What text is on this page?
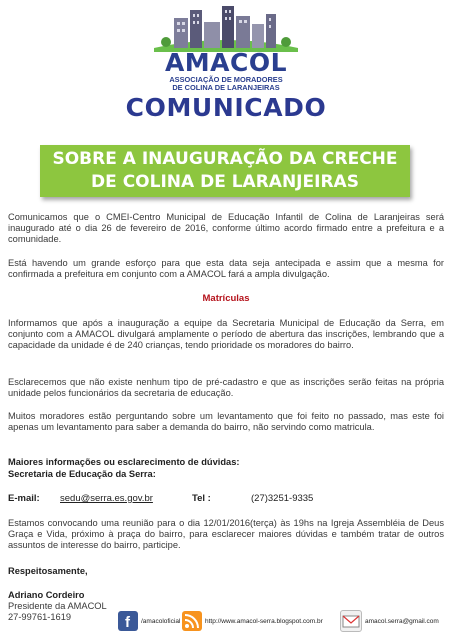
AMACOL
ASSOCIAÇÃO DE MORADORES
DE COLINA DE LARANJEIRAS
COMUNICADO
SOBRE A INAUGURAÇÃO DA CRECHE
DE COLINA DE LARANJEIRAS

Comunicamos que o CMEI-Centro Municipal de Educação Infantil de Colina de Laranjeiras será inaugurado até o dia 26 de fevereiro de 2016, conforme último acordo firmado entre a prefeitura e a comunidade.

Está havendo um grande esforço para que esta data seja antecipada e assim que a mesma for confirmada a prefeitura em conjunto com a AMACOL fará a ampla divulgação.

Matrículas

Informamos que após a inauguração a equipe da Secretaria Municipal de Educação da Serra, em conjunto com a AMACOL divulgará amplamente o período de abertura das inscrições, lembrando que a capacidade da unidade é de 240 crianças, tendo prioridade os moradores do bairro.

Esclarecemos que não existe nenhum tipo de pré-cadastro e que as inscrições serão feitas na própria unidade pelos funcionários da secretaria de educação.

Muitos moradores estão perguntando sobre um levantamento que foi feito no passado, mas este foi apenas um levantamento para saber a demanda do bairro, não servindo como matricula.

Maiores informações ou esclarecimento de dúvidas:

Secretaria de Educação da Serra:

E-mail: sedu@serra.es.gov.br	Tel :	(27)3251-9335

Estamos convocando uma reunião para o dia 12/01/2016(terça) às 19hs na Igreja Assembléia de Deus Graça e Vida, próximo à praça do bairro, para esclarecer maiores dúvidas e também tratar de outros assuntos de interesse do bairro, participe.

Respeitosamente,

Adriano Cordeiro

Presidente da AMACOL

27-99761-1619	f /amacoloficial	http://www.amacol-serra.blogspot.com.br	amacol.serra@gmail.com
